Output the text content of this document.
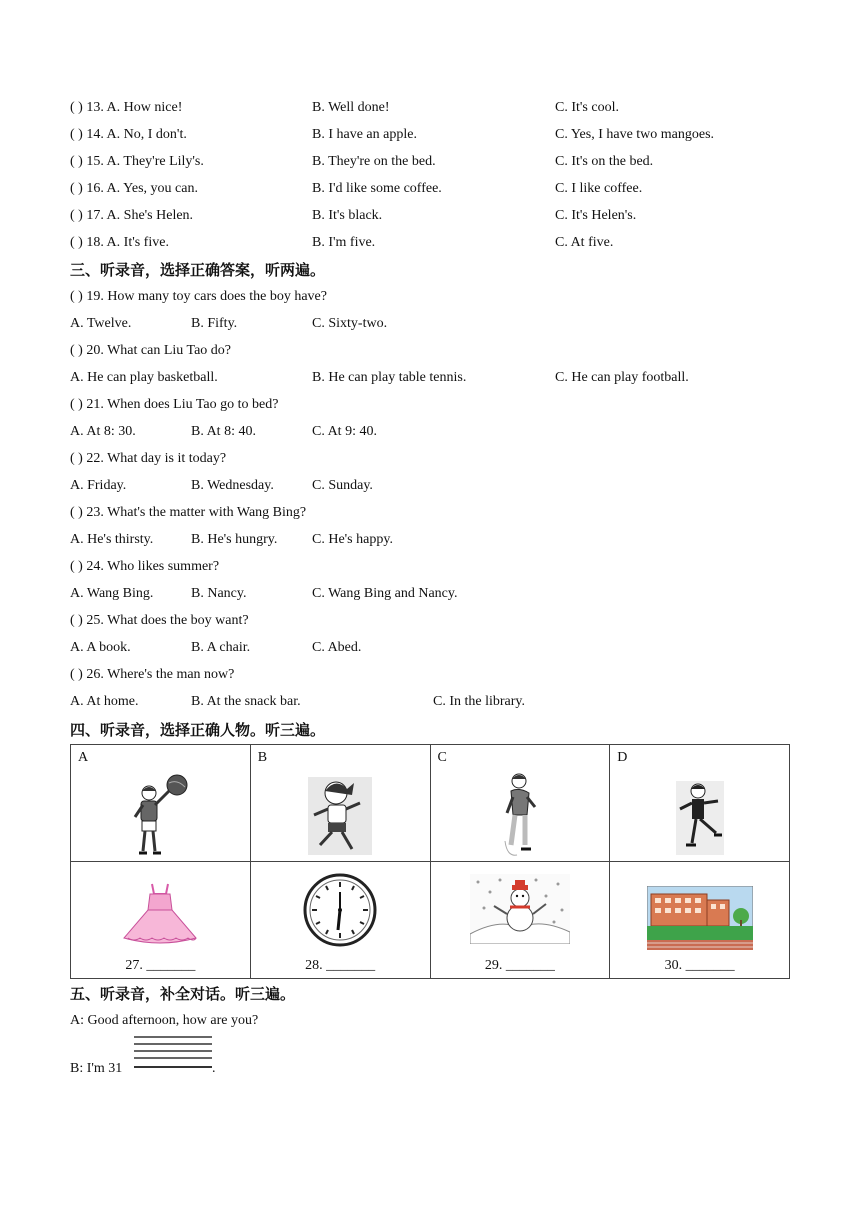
( ) 13. A. How nice!	B. Well done!	C. It's cool.
( ) 14. A. No, I don't.	B. I have an apple.	C. Yes, I have two mangoes.
( ) 15. A. They're Lily's.	B. They're on the bed.	C. It's on the bed.
( ) 16. A. Yes, you can.	B. I'd like some coffee.	C. I like coffee.
( ) 17. A. She's Helen.	B. It's black.	C. It's Helen's.
( ) 18. A. It's five.	B. I'm five.	C. At five.
三、听录音，选择正确答案，听两遍。
( ) 19. How many toy cars does the boy have?
A. Twelve.	B. Fifty.	C. Sixty-two.
( ) 20. What can Liu Tao do?
A. He can play basketball.	B. He can play table tennis.	C. He can play football.
( ) 21. When does Liu Tao go to bed?
A. At 8: 30.	B. At 8: 40.	C. At 9: 40.
( ) 22. What day is it today?
A. Friday.	B. Wednesday.	C. Sunday.
( ) 23. What's the matter with Wang Bing?
A. He's thirsty.	B. He's hungry. C. He's happy.
( ) 24. Who likes summer?
A. Wang Bing.	B. Nancy.	C. Wang Bing and Nancy.
( ) 25. What does the boy want?
A. A book.	B. A chair.	C. Abed.
( ) 26. Where's the man now?
A. At home.	B. At the snack bar.	C. In the library.
四、听录音，选择正确人物。听三遍。
A	B	C	D

27. _______	28. _______	29. _______	30. _______
五、听录音，补全对话。听三遍。
A: Good afternoon, how are you?
B: I'm 31	.
